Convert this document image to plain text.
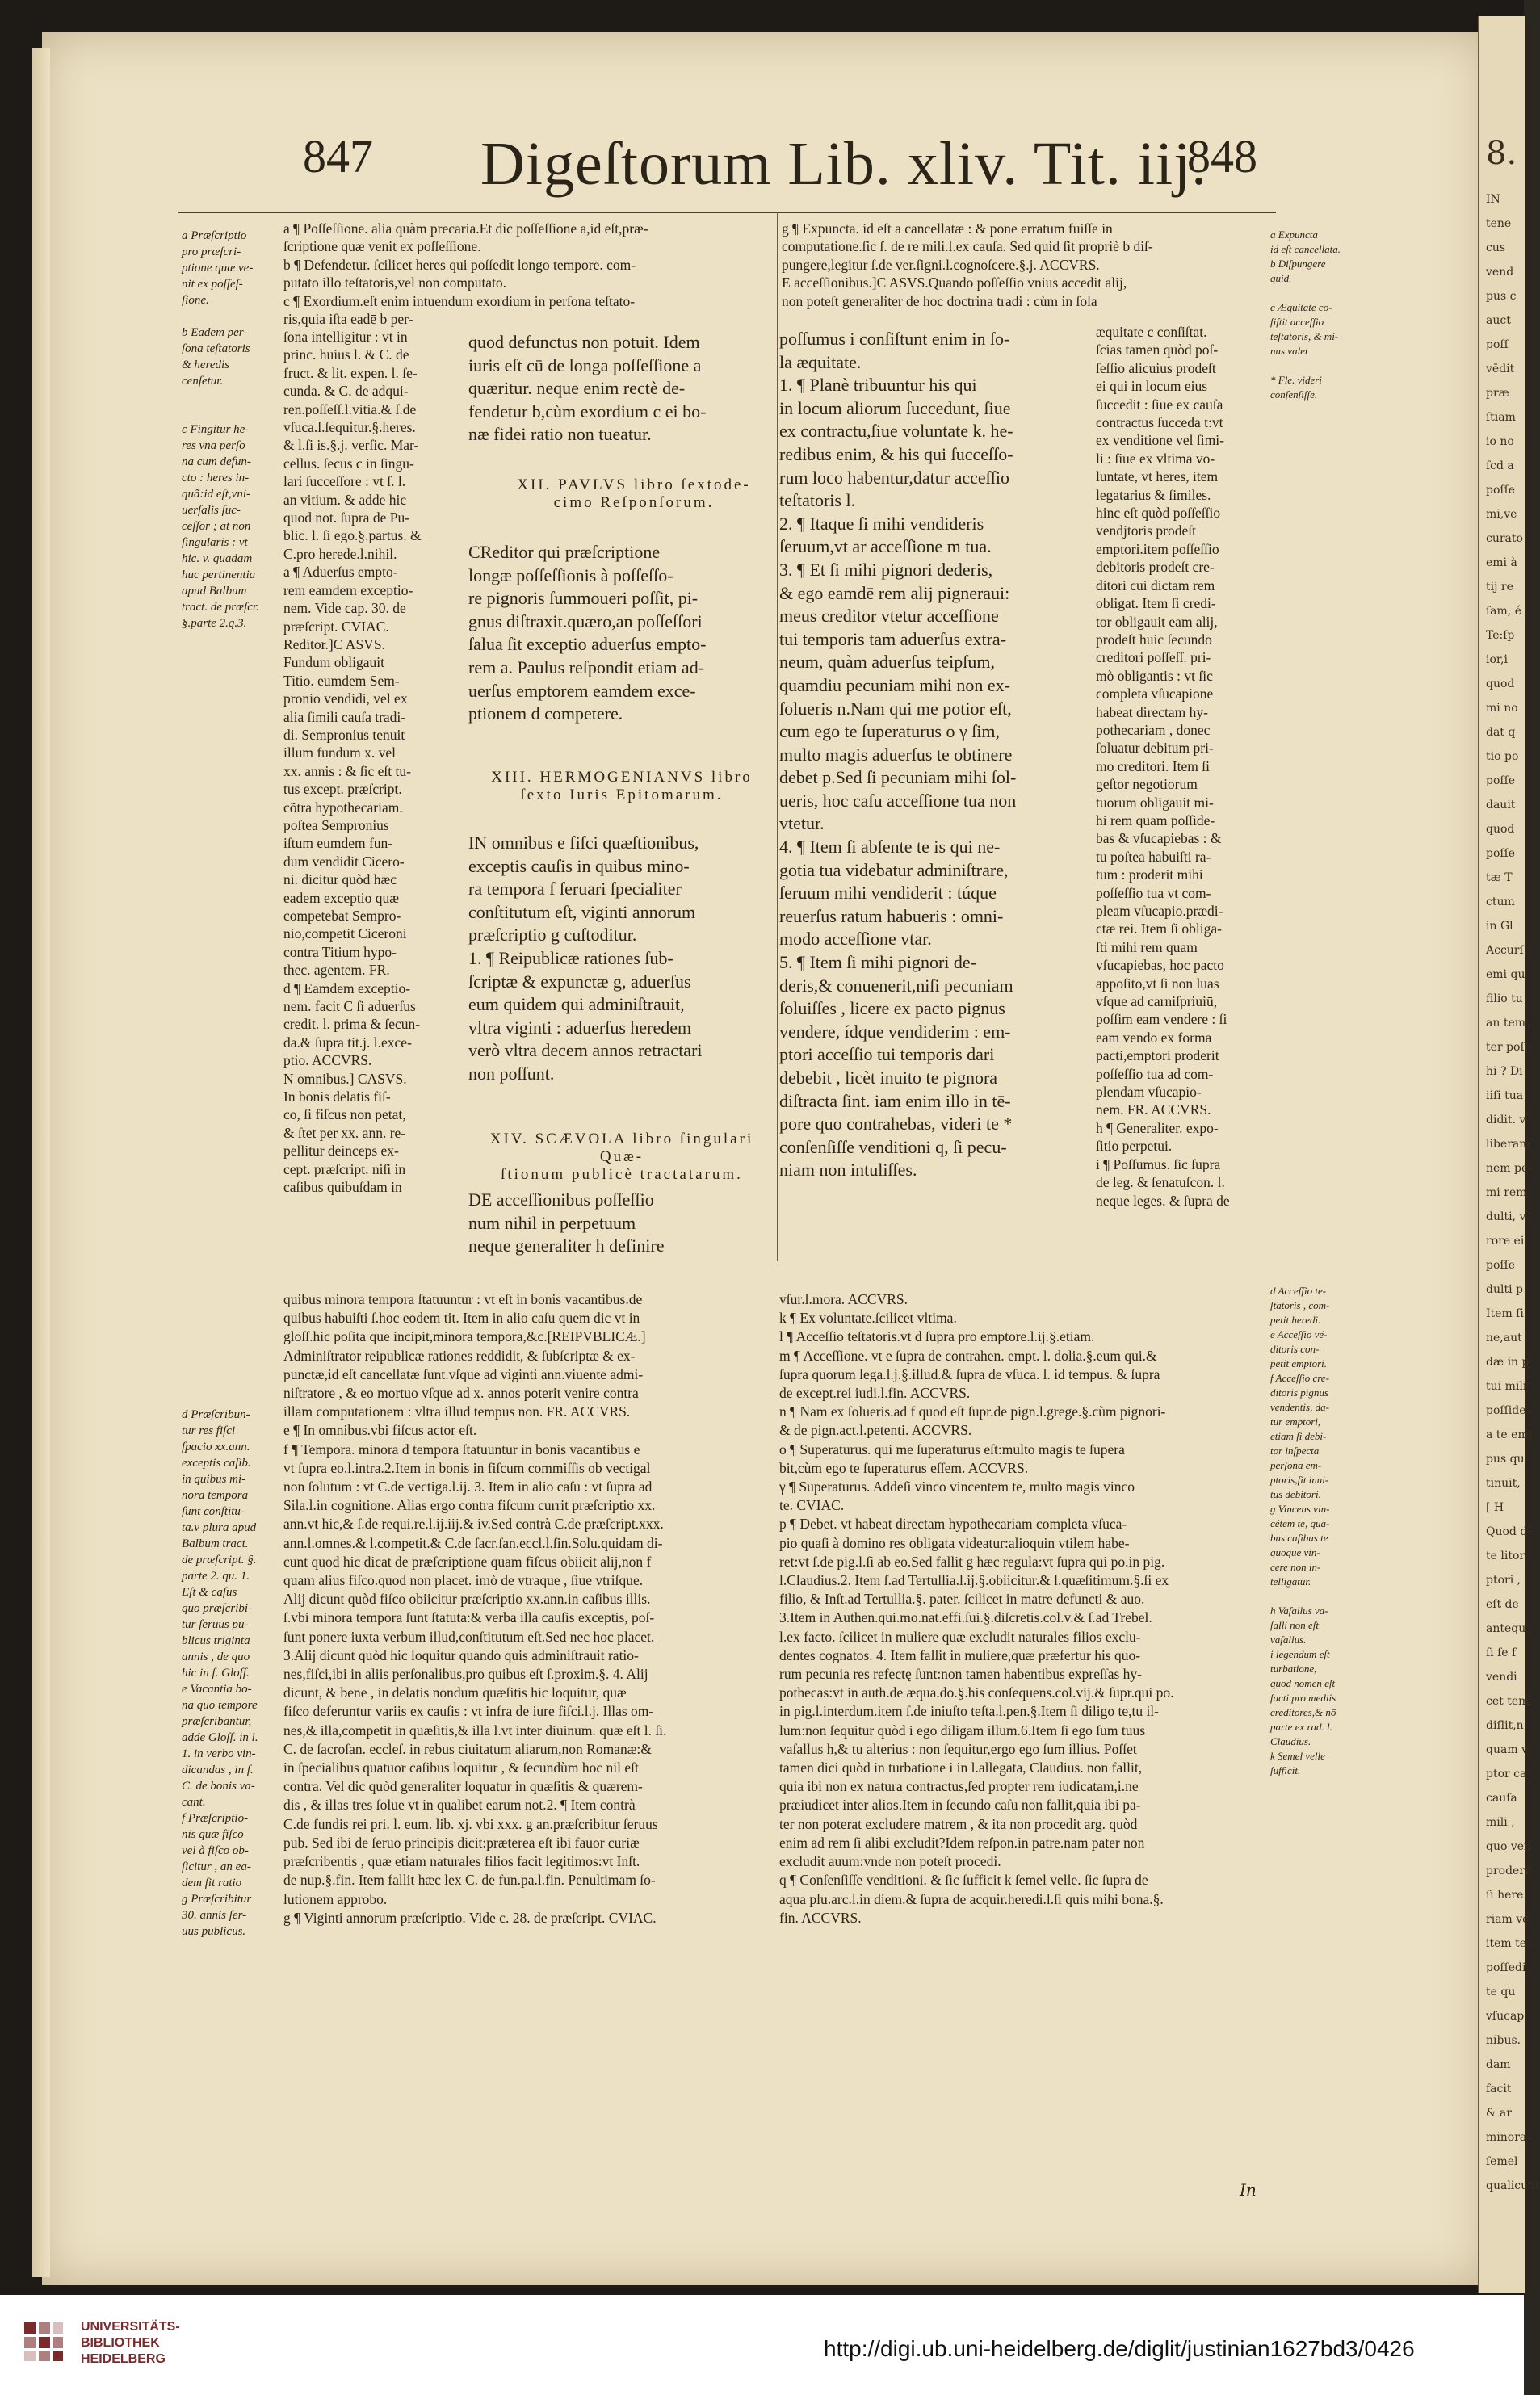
8.
IN
tene
cus
vend
pus c
auct
poſſ
vēdit
præ
ſtiam
io no
ſcd a
poſſe
mi,ve
curato
emi à
tij re
ſam, é
Te:ſp
ior,i
quod
mi no
dat q
tio po
poſſe
dauit
quod
poſſe
tæ T
ctum
in Gl
Accurſ.
emi qu
filio tu
an tem
ter poſſ
hi ? Di
iiſi tua
didit. v
liberam
nem pe
mi rem
dulti, v
rore ei
poſſe
dulti p
Item ſi
ne,aut
dæ in p
tui mili
poſſide
a te emi
pus qu
tinuit,
[ H
Quod d
te litor
ptori ,
eſt de
antequ
ſi ſe f
vendi
cet tem
diſlit,n
quam v
ptor ca
cauſa
mili ,
quo ven
proderit
ſi here
riam ve
item te
poſſedi
te qu
vſucap
nibus.
dam
facit
& ar
minora
ſemel
qualicunt
847 Digeſtorum Lib. xliv. Tit. iij.
848
a Præſcriptio
pro præſcri-
ptione quæ ve-
nit ex poſſeſ-
ſione.

b Eadem per-
ſona teſtatoris
& heredis
cenſetur.

c Fingitur he-
res vna perſo
na cum defun-
cto : heres in-
quã:id eſt,vni-
uerſalis ſuc-
ceſſor ; at non
ſingularis : vt
hic. v. quadam
huc pertinentia
apud Balbum
tract. de præſcr.
§.parte 2.q.3.
d Præſcribun-
tur res fiſci
ſpacio xx.ann.
exceptis caſib.
in quibus mi-
nora tempora
ſunt conſtitu-
ta.v plura apud
Balbum tract.
de præſcript. §.
parte 2. qu. 1.
Eſt & caſus
quo præſcribi-
tur ſeruus pu-
blicus triginta
annis , de quo
hic in f. Gloſſ.
e Vacantia bo-
na quo tempore
præſcribantur,
adde Gloſſ. in l.
1. in verbo vin-
dicandas , in f.
C. de bonis va-
cant.
f Præſcriptio-
nis quæ fiſco
vel à fiſco ob-
ſicitur , an ea-
dem ſit ratio
g Præſcribitur
30. annis ſer-
uus publicus.
a ¶ Poſſeſſione. alia quàm precaria.Et dic poſſeſſione a,id eſt,præ-
ſcriptione quæ venit ex poſſeſſione.
b ¶ Defendetur. ſcilicet heres qui poſſedit longo tempore. com-
putato illo teſtatoris,vel non computato.
c ¶ Exordium.eſt enim intuendum exordium in perſona teſtato-
ris,quia iſta eadē b per-
ſona intelligitur : vt in
princ. huius l. & C. de
fruct. & lit. expen. l. ſe-
cunda. & C. de adqui-
ren.poſſeſſ.l.vitia.& ſ.de
vſuca.l.ſequitur.§.heres.
& l.ſi is.§.j. verſic. Mar-
cellus. ſecus c in ſingu-
lari ſucceſſore : vt ſ. l.
an vitium. & adde hic
quod not. ſupra de Pu-
blic. l. ſi ego.§.partus. &
C.pro herede.l.nihil.
a ¶ Aduerſus empto-
rem eamdem exceptio-
nem. Vide cap. 30. de
præſcript. CVIAC.
Reditor.]C ASVS.
Fundum obligauit
Titio. eumdem Sem-
pronio vendidi, vel ex
alia ſimili cauſa tradi-
di. Sempronius tenuit
illum fundum x. vel
xx. annis : & ſic eſt tu-
tus except. præſcript.
cõtra hypothecariam.
poſtea Sempronius
iſtum eumdem fun-
dum vendidit Cicero-
ni. dicitur quòd hæc
eadem exceptio quæ
competebat Sempro-
nio,competit Ciceroni
contra Titium hypo-
thec. agentem. FR.
d ¶ Eamdem exceptio-
nem. facit C ſi aduerſus
credit. l. prima & ſecun-
da.& ſupra tit.j. l.exce-
ptio. ACCVRS.
N omnibus.] CASVS.
In bonis delatis fiſ-
co, ſi fiſcus non petat,
& ſtet per xx. ann. re-
pellitur deinceps ex-
cept. præſcript. niſi in
caſibus quibuſdam in
quod defunctus non potuit. Idem
iuris eſt cū de longa poſſeſſione a
quæritur. neque enim rectè de-
fendetur b,cùm exordium c ei bo-
næ fidei ratio non tueatur.
XII. PAVLVS libro ſextode-
cimo Reſponſorum.
CReditor qui præſcriptione
longæ poſſeſſionis à poſſeſſo-
re pignoris ſummoueri poſſit, pi-
gnus diſtraxit.quæro,an poſſeſſori
ſalua ſit exceptio aduerſus empto-
rem a. Paulus reſpondit etiam ad-
uerſus emptorem eamdem exce-
ptionem d competere.
XIII. HERMOGENIANVS libro
ſexto Iuris Epitomarum.
IN omnibus e fiſci quæſtionibus,
exceptis cauſis in quibus mino-
ra tempora f ſeruari ſpecialiter
conſtitutum eſt, viginti annorum
præſcriptio g cuſtoditur.
1. ¶ Reipublicæ rationes ſub-
ſcriptæ & expunctæ g, aduerſus
eum quidem qui adminiſtrauit,
vltra viginti : aduerſus heredem
verò vltra decem annos retractari
non poſſunt.
XIV. SCÆVOLA libro ſingulari Quæ-
ſtionum publicè tractatarum.
DE acceſſionibus poſſeſſio
num nihil in perpetuum
neque generaliter h definire
g ¶ Expuncta. id eſt a cancellatæ : & pone erratum fuiſſe in
computatione.ſic ſ. de re mili.l.ex cauſa. Sed quid ſit propriè b diſ-
pungere,legitur ſ.de ver.ſigni.l.cognoſcere.§.j. ACCVRS.
E acceſſionibus.]C ASVS.Quando poſſeſſio vnius accedit alij,
non poteſt generaliter de hoc doctrina tradi : cùm in ſola
poſſumus i conſiſtunt enim in ſo-
la æquitate.
1. ¶ Planè tribuuntur his qui
in locum aliorum ſuccedunt, ſiue
ex contractu,ſiue voluntate k. he-
redibus enim, & his qui ſucceſſo-
rum loco habentur,datur acceſſio
teſtatoris l.
2. ¶ Itaque ſi mihi vendideris
ſeruum,vt ar acceſſione m tua.
3. ¶ Et ſi mihi pignori dederis,
& ego eamdē rem alij pigneraui:
meus creditor vtetur acceſſione
tui temporis tam aduerſus extra-
neum, quàm aduerſus teipſum,
quamdiu pecuniam mihi non ex-
ſolueris n.Nam qui me potior eſt,
cum ego te ſuperaturus o γ ſim,
multo magis aduerſus te obtinere
debet p.Sed ſi pecuniam mihi ſol-
ueris, hoc caſu acceſſione tua non
vtetur.
4. ¶ Item ſi abſente te is qui ne-
gotia tua videbatur adminiſtrare,
ſeruum mihi vendiderit : túque
reuerſus ratum habueris : omni-
modo acceſſione vtar.
5. ¶ Item ſi mihi pignori de-
deris,& conuenerit,niſi pecuniam
ſoluiſſes , licere ex pacto pignus
vendere, ídque vendiderim : em-
ptori acceſſio tui temporis dari
debebit , licèt inuito te pignora
diſtracta ſint. iam enim illo in tē-
pore quo contrahebas, videri te *
conſenſiſſe venditioni q, ſi pecu-
niam non intuliſſes.
æquitate c conſiſtat.
ſcias tamen quòd poſ-
ſeſſio alicuius prodeſt
ei qui in locum eius
ſuccedit : ſiue ex cauſa
contractus ſucceda t:vt
ex venditione vel ſimi-
li : ſiue ex vltima vo-
luntate, vt heres, item
legatarius & ſimiles.
hinc eſt quòd poſſeſſio
vendjtoris prodeſt
emptori.item poſſeſſio
debitoris prodeſt cre-
ditori cui dictam rem
obligat. Item ſi credi-
tor obligauit eam alij,
prodeſt huic ſecundo
creditori poſſeſſ. pri-
mò obligantis : vt ſic
completa vſucapione
habeat directam hy-
pothecariam , donec
ſoluatur debitum pri-
mo creditori. Item ſi
geſtor negotiorum
tuorum obligauit mi-
hi rem quam poſſide-
bas & vſucapiebas : &
tu poſtea habuiſti ra-
tum : proderit mihi
poſſeſſio tua vt com-
pleam vſucapio.prædi-
ctæ rei. Item ſi obliga-
ſti mihi rem quam
vſucapiebas, hoc pacto
appoſito,vt ſi non luas
vſque ad carniſpriuiū,
poſſim eam vendere : ſi
eam vendo ex forma
pacti,emptori proderit
poſſeſſio tua ad com-
plendam vſucapio-
nem. FR. ACCVRS.
h ¶ Generaliter. expo-
ſitio perpetui.
i ¶ Poſſumus. ſic ſupra
de leg. & ſenatuſcon. l.
neque leges. & ſupra de
a Expuncta
id eſt cancellata.
b Diſpungere
quid.

c Æquitate co-
ſiſtit acceſſio
teſtatoris, & mi-
nus valet

* Fle. videri
conſenſiſſe.
quibus minora tempora ſtatuuntur : vt eſt in bonis vacantibus.de
quibus habuiſti ſ.hoc eodem tit. Item in alio caſu quem dic vt in
gloſſ.hic poſita que incipit,minora tempora,&c.[REIPVBLICÆ.]
Adminiſtrator reipublicæ rationes reddidit, & ſubſcriptæ & ex-
punctæ,id eſt cancellatæ ſunt.vſque ad viginti ann.viuente admi-
niſtratore , & eo mortuo vſque ad x. annos poterit venire contra
illam computationem : vltra illud tempus non. FR. ACCVRS.
e ¶ In omnibus.vbi fiſcus actor eſt.
f ¶ Tempora. minora d tempora ſtatuuntur in bonis vacantibus e
vt ſupra eo.l.intra.2.Item in bonis in fiſcum commiſſis ob vectigal
non ſolutum : vt C.de vectiga.l.ij. 3. Item in alio caſu : vt ſupra ad
Sila.l.in cognitione. Alias ergo contra fiſcum currit præſcriptio xx.
ann.vt hic,& ſ.de requi.re.l.ij.iij.& iv.Sed contrà C.de præſcript.xxx.
ann.l.omnes.& l.competit.& C.de ſacr.ſan.eccl.l.ſin.Solu.quidam di-
cunt quod hic dicat de præſcriptione quam fiſcus obiicit alij,non f
quam alius fiſco.quod non placet. imò de vtraque , ſiue vtriſque.
Alij dicunt quòd fiſco obiicitur præſcriptio xx.ann.in caſibus illis.
ſ.vbi minora tempora ſunt ſtatuta:& verba illa cauſis exceptis, poſ-
ſunt ponere iuxta verbum illud,conſtitutum eſt.Sed nec hoc placet.
3.Alij dicunt quòd hic loquitur quando quis adminiſtrauit ratio-
nes,fiſci,ibi in aliis perſonalibus,pro quibus eſt ſ.proxim.§. 4. Alij
dicunt, & bene , in delatis nondum quæſitis hic loquitur, quæ
fiſco deferuntur variis ex cauſis : vt infra de iure fiſci.l.j. Illas om-
nes,& illa,competit in quæſitis,& illa l.vt inter diuinum. quæ eſt l. ſi.
C. de ſacroſan. eccleſ. in rebus ciuitatum aliarum,non Romanæ:&
in ſpecialibus quatuor caſibus loquitur , & ſecundùm hoc nil eſt
contra. Vel dic quòd generaliter loquatur in quæſitis & quærem-
dis , & illas tres ſolue vt in qualibet earum not.2. ¶ Item contrà
C.de fundis rei pri. l. eum. lib. xj. vbi xxx. g an.præſcribitur ſeruus
pub. Sed ibi de ſeruo principis dicit:præterea eſt ibi fauor curiæ
præſcribentis , quæ etiam naturales filios facit legitimos:vt Inſt.
de nup.§.fin. Item fallit hæc lex C. de fun.pa.l.fin. Penultimam ſo-
lutionem approbo.
g ¶ Viginti annorum præſcriptio. Vide c. 28. de præſcript. CVIAC.
vſur.l.mora. ACCVRS.
k ¶ Ex voluntate.ſcilicet vltima.
l ¶ Acceſſio teſtatoris.vt d ſupra pro emptore.l.ij.§.etiam.
m ¶ Acceſſione. vt e ſupra de contrahen. empt. l. dolia.§.eum qui.&
ſupra quorum lega.l.j.§.illud.& ſupra de vſuca. l. id tempus. & ſupra
de except.rei iudi.l.fin. ACCVRS.
n ¶ Nam ex ſolueris.ad f quod eſt ſupr.de pign.l.grege.§.cùm pignori-
& de pign.act.l.petenti. ACCVRS.
o ¶ Superaturus. qui me ſuperaturus eſt:multo magis te ſupera
bit,cùm ego te ſuperaturus eſſem. ACCVRS.
γ ¶ Superaturus. Addeſi vinco vincentem te, multo magis vinco
te. CVIAC.
p ¶ Debet. vt habeat directam hypothecariam completa vſuca-
pio quaſi à domino res obligata videatur:alioquin vtilem habe-
ret:vt ſ.de pig.l.ſi ab eo.Sed fallit g hæc regula:vt ſupra qui po.in pig.
l.Claudius.2. Item ſ.ad Tertullia.l.ij.§.obiicitur.& l.quæſitimum.§.ſi ex
filio, & Inſt.ad Tertullia.§. pater. ſcilicet in matre defuncti & auo.
3.Item in Authen.qui.mo.nat.effi.ſui.§.diſcretis.col.v.& ſ.ad Trebel.
l.ex facto. ſcilicet in muliere quæ excludit naturales filios exclu-
dentes cognatos. 4. Item fallit in muliere,quæ præfertur his quo-
rum pecunia res refectę ſunt:non tamen habentibus expreſſas hy-
pothecas:vt in auth.de æqua.do.§.his conſequens.col.vij.& ſupr.qui po.
in pig.l.interdum.item ſ.de iniuſto teſta.l.pen.§.Item ſi diligo te,tu il-
lum:non ſequitur quòd i ego diligam illum.6.Item ſi ego ſum tuus
vaſallus h,& tu alterius : non ſequitur,ergo ego ſum illius. Poſſet
tamen dici quòd in turbatione i in l.allegata, Claudius. non fallit,
quia ibi non ex natura contractus,ſed propter rem iudicatam,i.ne
præiudicet inter alios.Item in ſecundo caſu non fallit,quia ibi pa-
ter non poterat excludere matrem , & ita non procedit arg. quòd
enim ad rem ſi alibi excludit?Idem reſpon.in patre.nam pater non
excludit auum:vnde non poteſt procedi.
q ¶ Conſenſiſſe venditioni. & ſic ſufficit k ſemel velle. ſic ſupra de
aqua plu.arc.l.in diem.& ſupra de acquir.heredi.l.ſi quis mihi bona.§.
fin. ACCVRS.
d Acceſſio te-
ſtatoris , com-
petit heredi.
e Acceſſio vé-
ditoris con-
petit emptori.
f Acceſſio cre-
ditoris pignus
vendentis, da-
tur emptori,
etiam ſi debi-
tor inſpecta
perſona em-
ptoris,ſit inui-
tus debitori.
g Vincens vin-
cétem te, qua-
bus caſibus te
quoque vin-
cere non in-
telligatur.

h Vaſallus va-
ſalli non eſt
vaſallus.
i legendum eſt
turbatione,
quod nomen eſt
facti pro mediis
creditores,& nō
parte ex rad. l.
Claudius.
k Semel velle
ſufficit.
In
UNIVERSITÄTS-
BIBLIOTHEK
HEIDELBERG	http://digi.ub.uni-heidelberg.de/diglit/justinian1627bd3/0426
